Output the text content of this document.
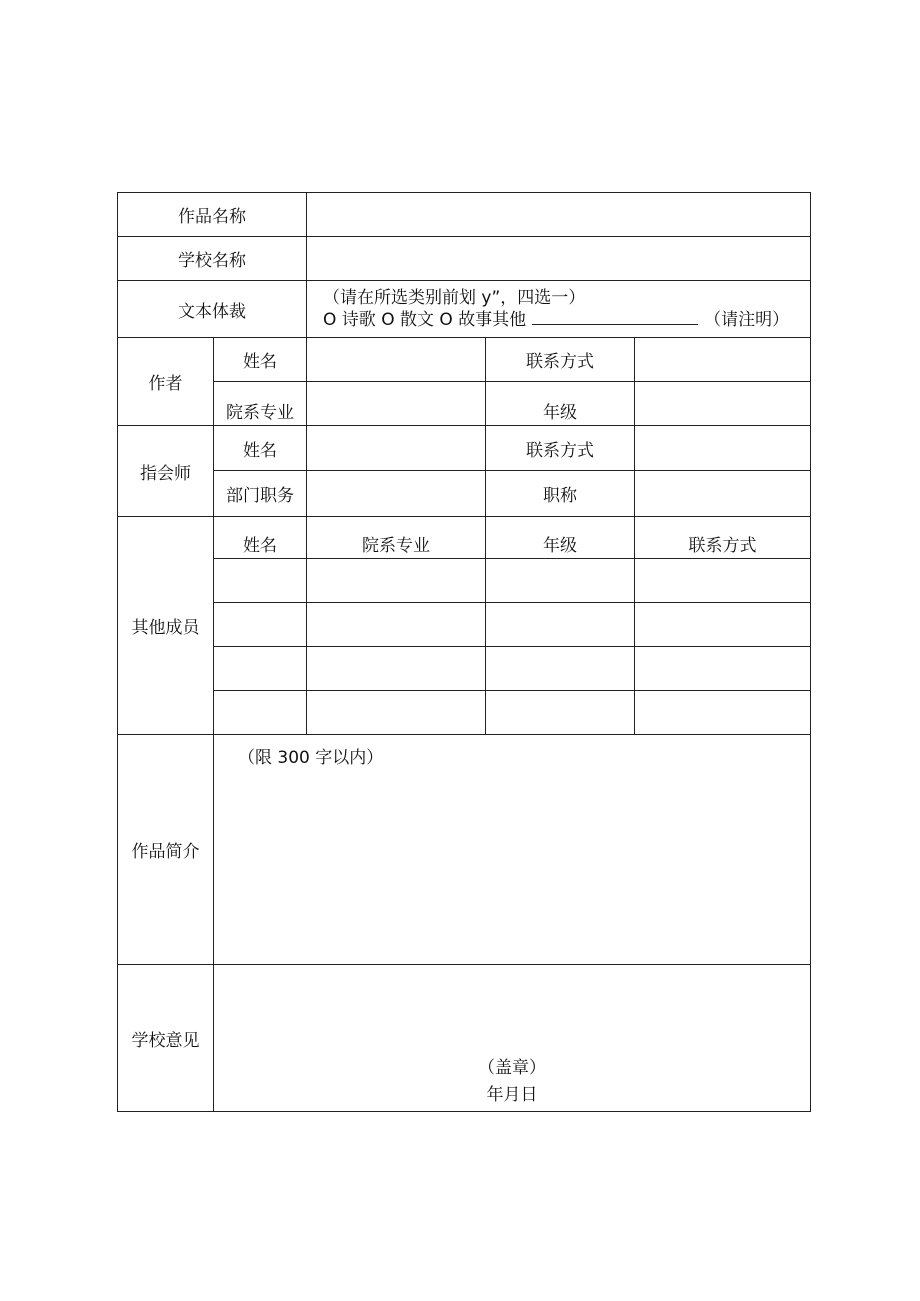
作品名称				
学校名称				
文本体裁		（请在所选类别前划 y”，四选一）
O 诗歌 O 散文 O 故事其他 （请注明）		

作者	姓名		联系方式	
	院系专业		年级	
指会师	姓名		联系方式	
	部门职务		职称	
其他成员	姓名	院系专业	年级	联系方式

作品简介	（限 300 字以内）			
学校意见	（盖章）
年月日			
